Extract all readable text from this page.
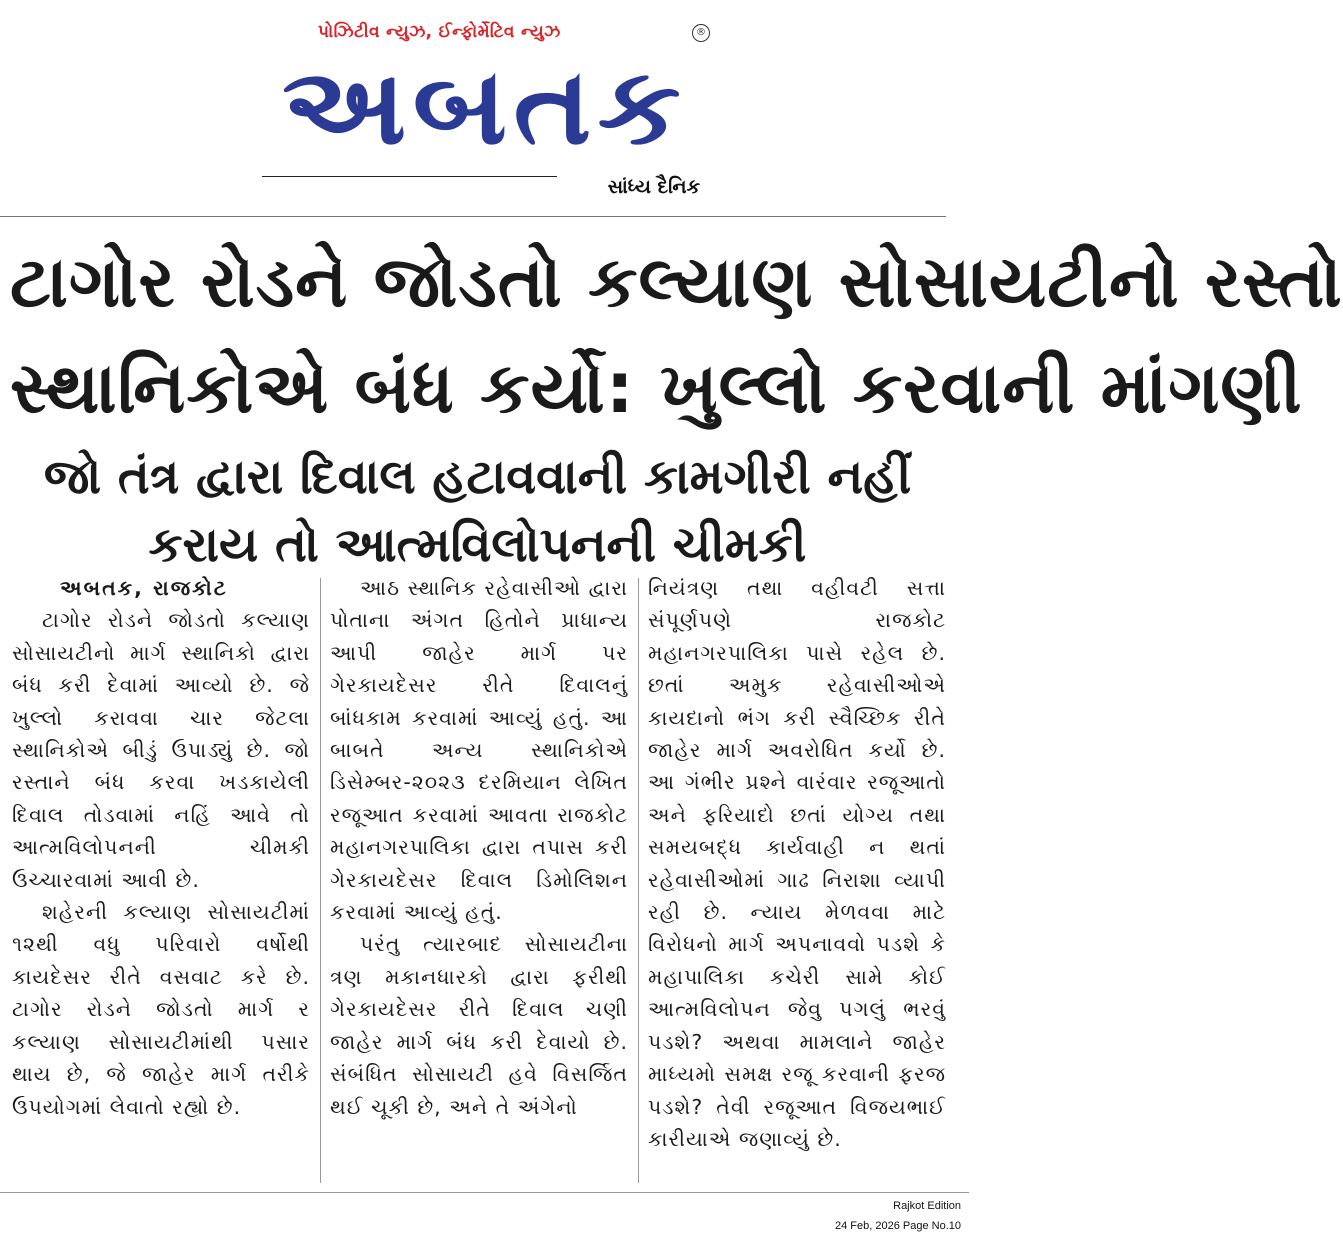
પોઝિટીવ ન્યુઝ, ઈન્ફોર્મેટિવ ન્યુઝ	®
અબતક
સાંધ્ય દૈનિક
ટાગોર રોડને જોડતો કલ્યાણ સોસાયટીનો રસ્તો
સ્થાનિકોએ બંધ કર્યો: ખુલ્લો કરવાની માંગણી
જો તંત્ર દ્વારા દિવાલ હટાવવાની કામગીરી નહીં
કરાય તો આત્મવિલોપનની ચીમકી

અબતક, રાજકોટ

ટાગોર રોડને જોડતો કલ્યાણ સોસાયટીનો માર્ગ સ્થાનિકો દ્વારા બંધ કરી દેવામાં આવ્યો છે. જે ખુલ્લો કરાવવા ચાર જેટલા સ્થાનિકોએ બીડું ઉપાડ્યું છે. જો રસ્તાને બંધ કરવા ખડકાયેલી દિવાલ તોડવામાં નહિં આવે તો આત્મવિલોપનની ચીમકી ઉચ્ચારવામાં આવી છે.

શહેરની કલ્યાણ સોસાયટીમાં ૧૨થી વધુ પરિવારો વર્ષોથી કાયદેસર રીતે વસવાટ કરે છે. ટાગોર રોડને જોડતો માર્ગ ર કલ્યાણ સોસાયટીમાંથી પસાર થાય છે, જે જાહેર માર્ગ તરીકે ઉપયોગમાં લેવાતો રહ્યો છે.

આઠ સ્થાનિક રહેવાસીઓ દ્વારા પોતાના અંગત હિતોને પ્રાધાન્ય આપી જાહેર માર્ગ પર ગેરકાયદેસર રીતે દિવાલનું બાંધકામ કરવામાં આવ્યું હતું. આ બાબતે અન્ય સ્થાનિકોએ ડિસેમ્બર-૨૦૨૩ દરમિયાન લેખિત રજૂઆત કરવામાં આવતા રાજકોટ મહાનગરપાલિકા દ્વારા તપાસ કરી ગેરકાયદેસર દિવાલ ડિમોલિશન કરવામાં આવ્યું હતું.

પરંતુ ત્યારબાદ સોસાયટીના ત્રણ મકાનધારકો દ્વારા ફરીથી ગેરકાયદેસર રીતે દિવાલ ચણી જાહેર માર્ગ બંધ કરી દેવાયો છે. સંબંધિત સોસાયટી હવે વિસર્જિત થઈ ચૂકી છે, અને તે અંગેનો

નિયંત્રણ તથા વહીવટી સત્તા સંપૂર્ણપણે રાજકોટ મહાનગરપાલિકા પાસે રહેલ છે. છતાં અમુક રહેવાસીઓએ કાયદાનો ભંગ કરી સ્વૈચ્છિક રીતે જાહેર માર્ગ અવરોધિત કર્યો છે. આ ગંભીર પ્રશ્ને વારંવાર રજૂઆતો અને ફરિયાદો છતાં યોગ્ય તથા સમયબદ્ધ કાર્યવાહી ન થતાં રહેવાસીઓમાં ગાઢ નિરાશા વ્યાપી રહી છે. ન્યાય મેળવવા માટે વિરોધનો માર્ગ અપનાવવો પડશે કે મહાપાલિકા કચેરી સામે કોઈ આત્મવિલોપન જેવુ પગલું ભરવું પડશે? અથવા મામલાને જાહેર માધ્યમો સમક્ષ રજૂ કરવાની ફરજ પડશે? તેવી રજૂઆત વિજયભાઈ કારીયાએ જણાવ્યું છે.

Rajkot Edition
24 Feb, 2026 Page No.10
